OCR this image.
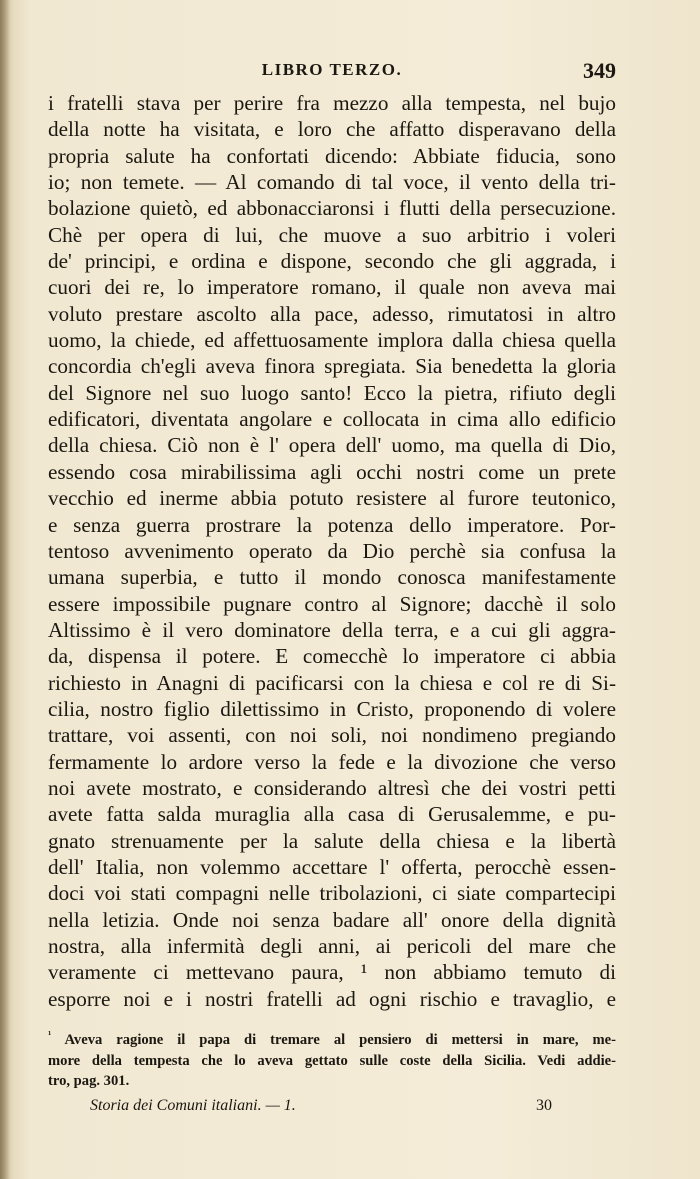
LIBRO TERZO.	349
i fratelli stava per perire fra mezzo alla tempesta, nel bujo
della notte ha visitata, e loro che affatto disperavano della
propria salute ha confortati dicendo: Abbiate fiducia, sono
io; non temete. — Al comando di tal voce, il vento della tri-
bolazione quietò, ed abbonacciaronsi i flutti della persecuzione.
Chè per opera di lui, che muove a suo arbitrio i voleri
de' principi, e ordina e dispone, secondo che gli aggrada, i
cuori dei re, lo imperatore romano, il quale non aveva mai
voluto prestare ascolto alla pace, adesso, rimutatosi in altro
uomo, la chiede, ed affettuosamente implora dalla chiesa quella
concordia ch'egli aveva finora spregiata. Sia benedetta la gloria
del Signore nel suo luogo santo! Ecco la pietra, rifiuto degli
edificatori, diventata angolare e collocata in cima allo edificio
della chiesa. Ciò non è l' opera dell' uomo, ma quella di Dio,
essendo cosa mirabilissima agli occhi nostri come un prete
vecchio ed inerme abbia potuto resistere al furore teutonico,
e senza guerra prostrare la potenza dello imperatore. Por-
tentoso avvenimento operato da Dio perchè sia confusa la
umana superbia, e tutto il mondo conosca manifestamente
essere impossibile pugnare contro al Signore; dacchè il solo
Altissimo è il vero dominatore della terra, e a cui gli aggra-
da, dispensa il potere. E comecchè lo imperatore ci abbia
richiesto in Anagni di pacificarsi con la chiesa e col re di Si-
cilia, nostro figlio dilettissimo in Cristo, proponendo di volere
trattare, voi assenti, con noi soli, noi nondimeno pregiando
fermamente lo ardore verso la fede e la divozione che verso
noi avete mostrato, e considerando altresì che dei vostri petti
avete fatta salda muraglia alla casa di Gerusalemme, e pu-
gnato strenuamente per la salute della chiesa e la libertà
dell' Italia, non volemmo accettare l' offerta, perocchè essen-
doci voi stati compagni nelle tribolazioni, ci siate compartecipi
nella letizia. Onde noi senza badare all' onore della dignità
nostra, alla infermità degli anni, ai pericoli del mare che
veramente ci mettevano paura, ¹ non abbiamo temuto di
esporre noi e i nostri fratelli ad ogni rischio e travaglio, e
$^{^1}$ Aveva ragione il papa di tremare al pensiero di mettersi in mare, me-
more della tempesta che lo aveva gettato sulle coste della Sicilia. Vedi addie-
tro, pag. 301.
Storia dei Comuni italiani. — 1.	30
